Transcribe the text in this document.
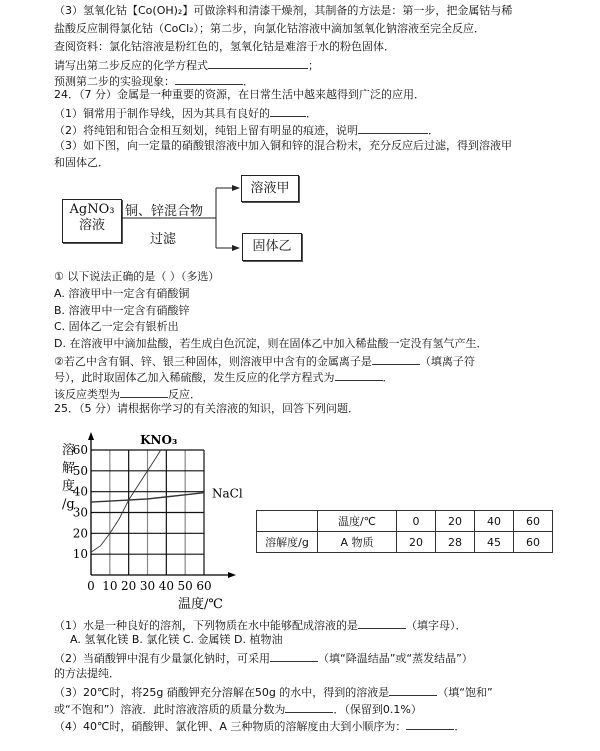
（3）氢氧化钴【Co(OH)₂】可做涂料和清漆干燥剂，其制备的方法是：第一步，把金属钴与稀
盐酸反应制得氯化钴（CoCl₂）；第二步，向氯化钴溶液中滴加氢氧化钠溶液至完全反应．
查阅资料：氯化钴溶液是粉红色的，氢氧化钴是难溶于水的粉色固体．
请写出第二步反应的化学方程式	；
预测第二步的实验现象：	．
24．（7 分）金属是一种重要的资源，在日常生活中越来越得到广泛的应用．
（1）铜常用于制作导线，因为其具有良好的	．
（2）将纯铝和铝合金相互刻划，纯铝上留有明显的痕迹，说明	．
（3）如下图，向一定量的硝酸银溶液中加入铜和锌的混合粉末，充分反应后过滤，得到溶液甲
和固体乙．
AgNO₃
溶液
铜、锌混合物
过滤
溶液甲
固体乙
① 以下说法正确的是（ ）（多选）
A. 溶液甲中一定含有硝酸铜
B. 溶液甲中一定含有硝酸锌
C. 固体乙一定会有银析出
D. 在溶液甲中滴加盐酸，若生成白色沉淀，则在固体乙中加入稀盐酸一定没有氢气产生．
②若乙中含有铜、锌、银三种固体，则溶液甲中含有的金属离子是	（填离子符
号），此时取固体乙加入稀硫酸，发生反应的化学方程式为	．
该反应类型为	反应．
25．（5 分）请根据你学习的有关溶液的知识，回答下列问题．
0 10 20 30 40 50 60
10
20
30
40
50
60
KNO₃
NaCl
溶
解
度
/g
温度/℃
	温度/℃	0	20	40	60
溶解度/g	A 物质	20	28	45	60
（1）水是一种良好的溶剂，下列物质在水中能够配成溶液的是	（填字母）．
A. 氢氧化镁 B. 氯化镁 C. 金属镁 D. 植物油
（2）当硝酸钾中混有少量氯化钠时，可采用	（填“降温结晶”或“蒸发结晶”）
的方法提纯．
（3）20℃时，将25g 硝酸钾充分溶解在50g 的水中，得到的溶液是	（填“饱和”
或“不饱和”）溶液．此时溶液溶质的质量分数为	．（保留到0.1%）
（4）40℃时，硝酸钾、氯化钾、A 三种物质的溶解度由大到小顺序为：	．
